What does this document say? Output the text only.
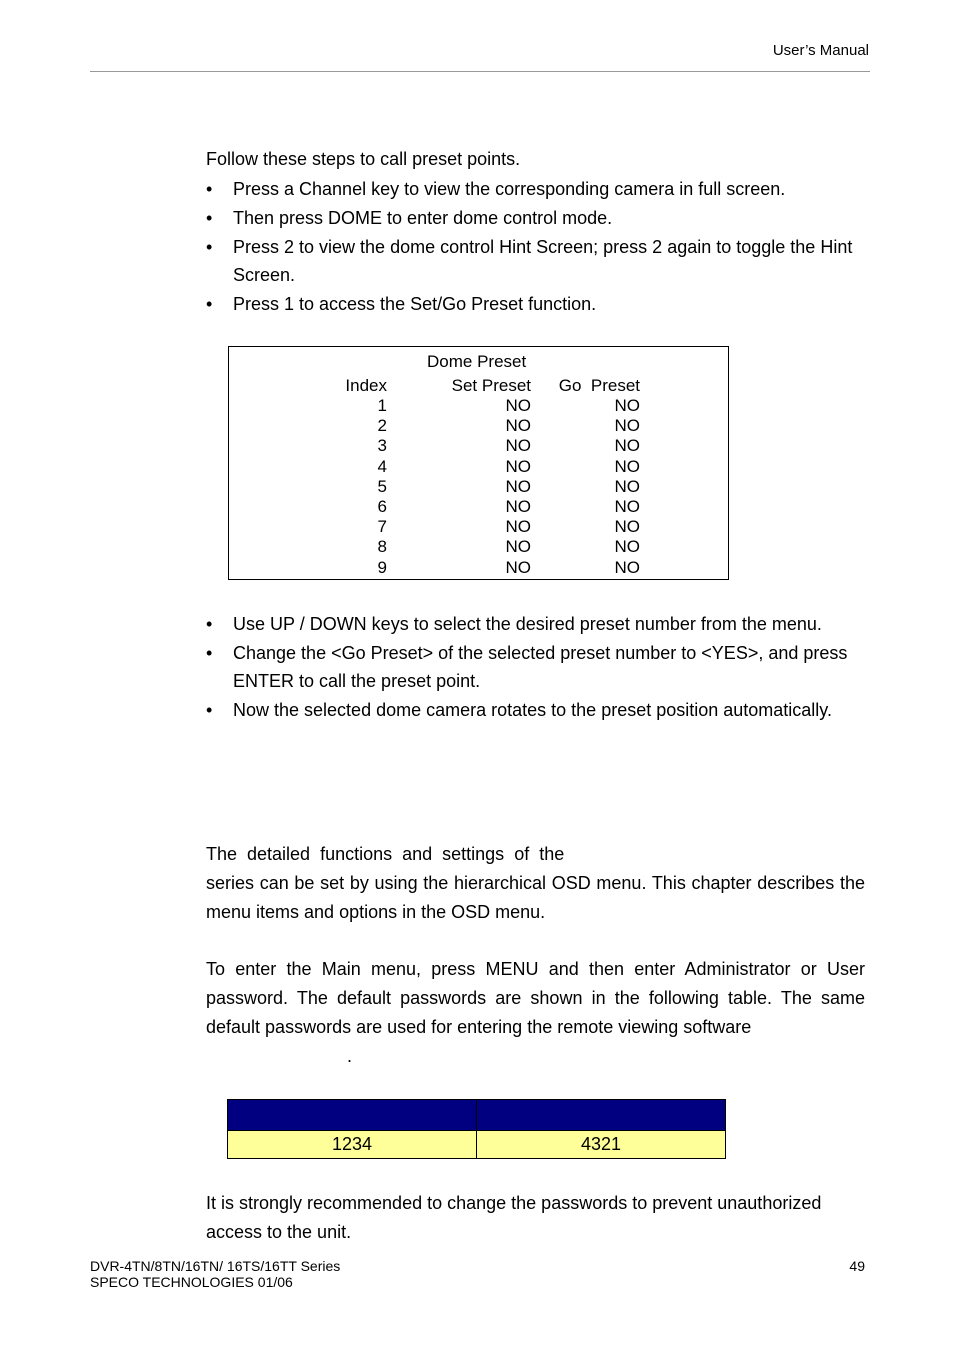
User’s Manual
Follow these steps to call preset points.
• Press a Channel key to view the corresponding camera in full screen.
• Then press DOME to enter dome control mode.
• Press 2 to view the dome control Hint Screen; press 2 again to toggle the Hint Screen.
• Press 1 to access the Set/Go Preset function.
Dome Preset
Index	Set Preset	Go  Preset
1	NO	NO
2	NO	NO
3	NO	NO
4	NO	NO
5	NO	NO
6	NO	NO
7	NO	NO
8	NO	NO
9	NO	NO
• Use UP / DOWN keys to select the desired preset number from the menu.
• Change the <Go Preset> of the selected preset number to <YES>, and press ENTER to call the preset point.
• Now the selected dome camera rotates to the preset position automatically.

The  detailed  functions  and  settings  of  the

series can be set by using the hierarchical OSD menu. This chapter describes the menu items and options in the OSD menu.

To enter the Main menu, press MENU and then enter Administrator or User password. The default passwords are shown in the following table. The same default passwords are used for entering the remote viewing software

.

1234	4321

It is strongly recommended to change the passwords to prevent unauthorized access to the unit.

DVR-4TN/8TN/16TN/ 16TS/16TT Series
SPECO TECHNOLOGIES 01/06
49
